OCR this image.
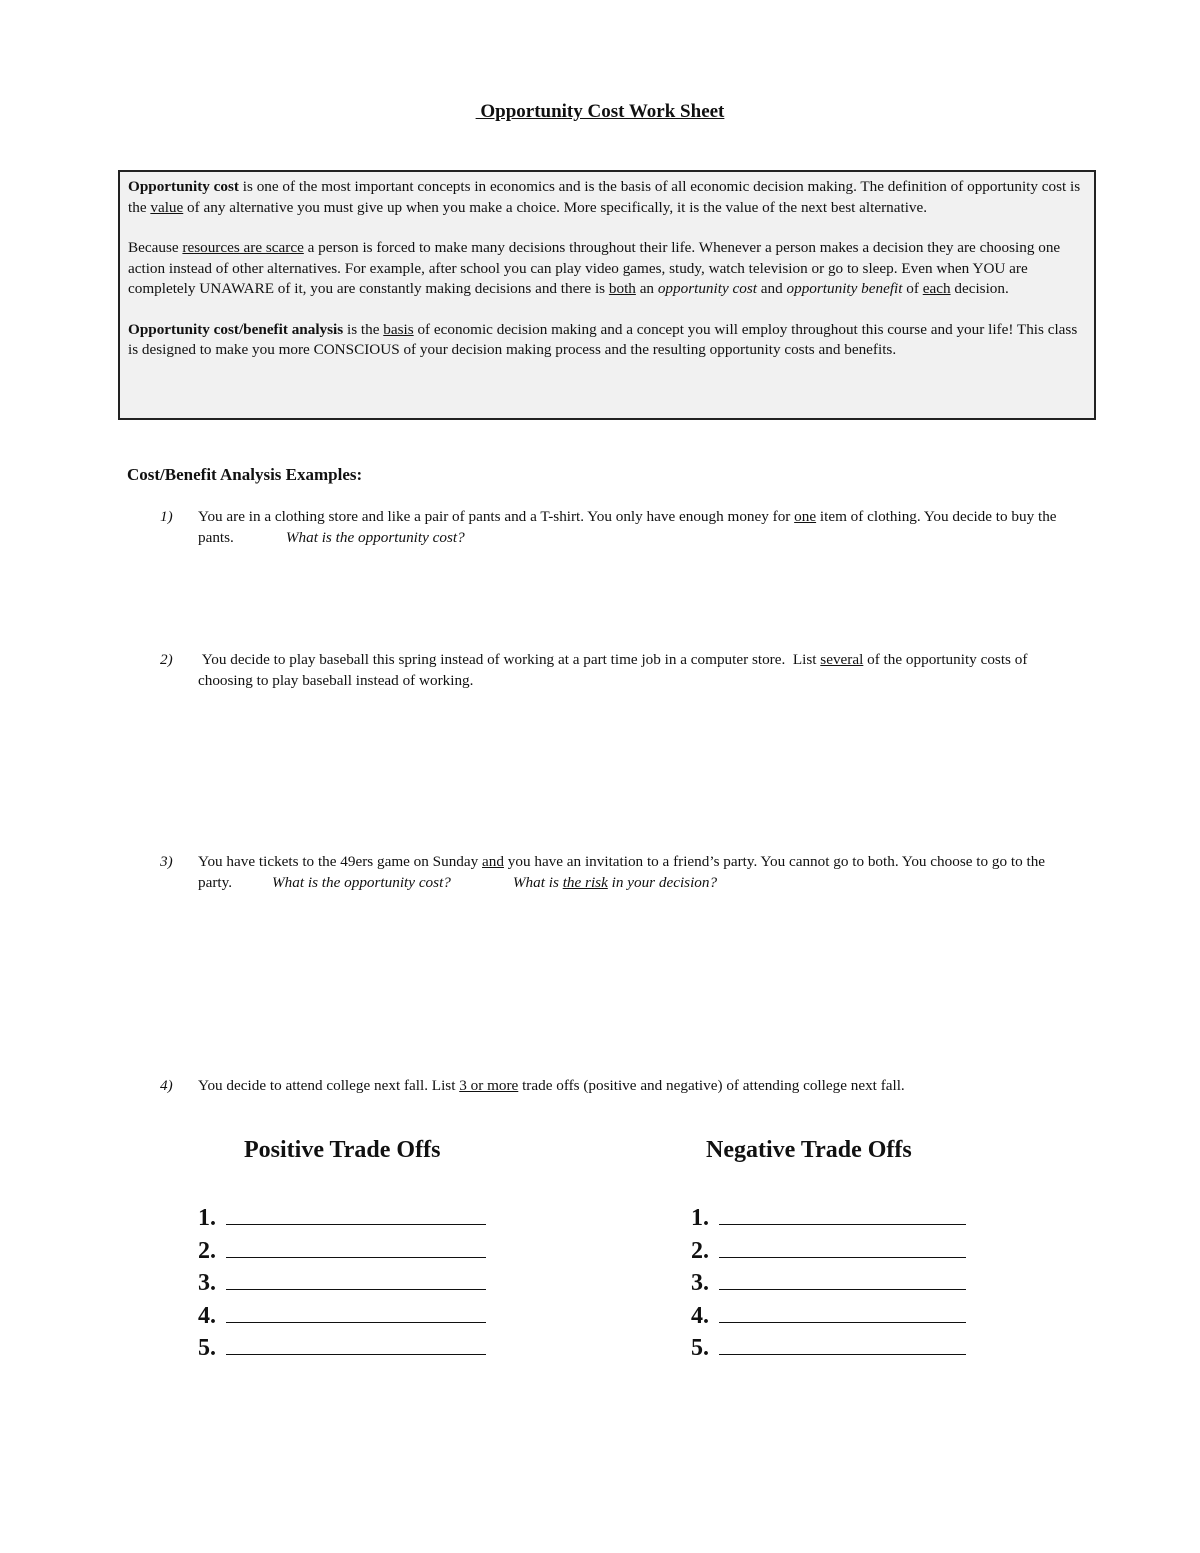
Opportunity Cost Work Sheet

Opportunity cost is one of the most important concepts in economics and is the basis of all economic decision making. The definition of opportunity cost is the value of any alternative you must give up when you make a choice. More specifically, it is the value of the next best alternative.

Because resources are scarce a person is forced to make many decisions throughout their life. Whenever a person makes a decision they are choosing one action instead of other alternatives. For example, after school you can play video games, study, watch television or go to sleep. Even when YOU are completely UNAWARE of it, you are constantly making decisions and there is both an opportunity cost and opportunity benefit of each decision.

Opportunity cost/benefit analysis is the basis of economic decision making and a concept you will employ throughout this course and your life! This class is designed to make you more CONSCIOUS of your decision making process and the resulting opportunity costs and benefits.

Cost/Benefit Analysis Examples:
1) You are in a clothing store and like a pair of pants and a T-shirt. You only have enough money for one item of clothing. You decide to buy the pants.	What is the opportunity cost?
2) You decide to play baseball this spring instead of working at a part time job in a computer store.  List several of the opportunity costs of choosing to play baseball instead of working.
3) You have tickets to the 49ers game on Sunday and you have an invitation to a friend’s party. You cannot go to both. You choose to go to the party.	What is the opportunity cost?	What is the risk in your decision?
4) You decide to attend college next fall. List 3 or more trade offs (positive and negative) of attending college next fall.
Positive Trade Offs	Negative Trade Offs
1.
2.
3.
4.
5.
1.
2.
3.
4.
5.
